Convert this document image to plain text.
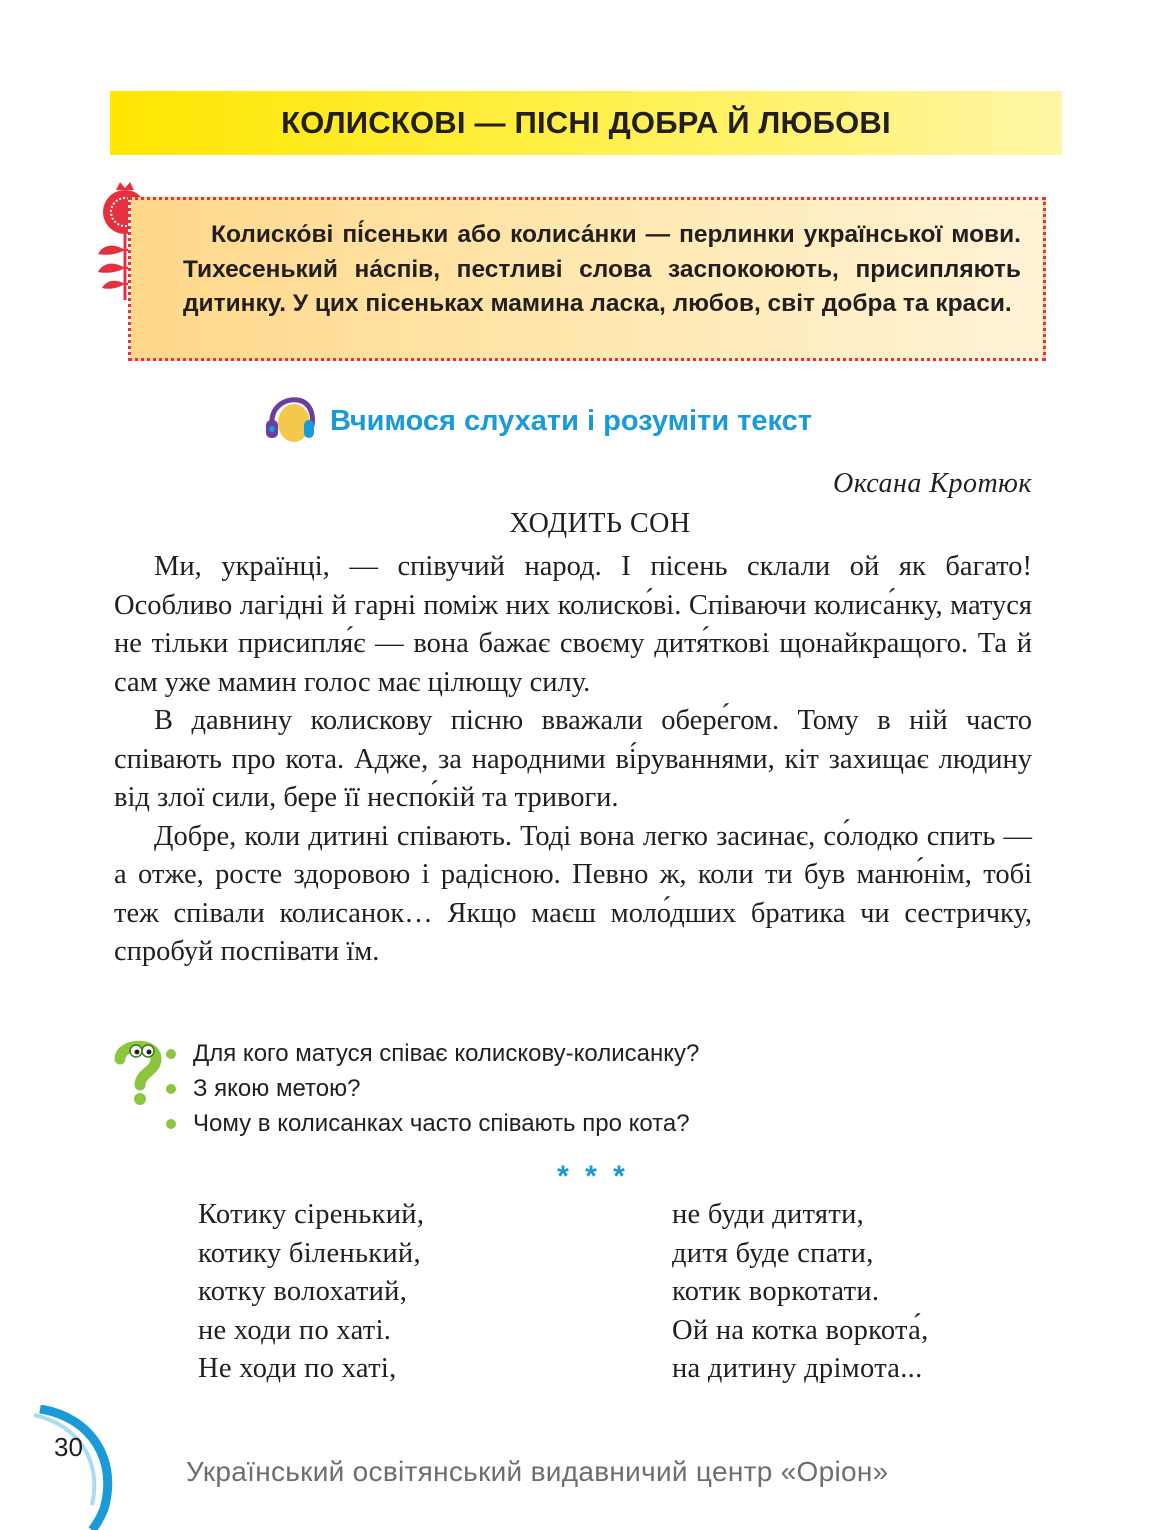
КОЛИСКОВІ — ПІСНІ ДОБРА Й ЛЮБОВІ

Колиско́ві пі́сеньки або колиса́нки — перлинки української мови. Тихесенький на́спів, пестливі слова заспокоюють, присипляють дитинку. У цих пісеньках мамина ласка, любов, світ добра та краси.

Вчимося слухати і розуміти текст
Оксана Кротюк
ХОДИТЬ СОН

Ми, українці, — співучий народ. І пісень склали ой як багато! Особливо лагідні й гарні поміж них колиско́ві. Співаючи колиса́нку, матуся не тільки присипля́є — вона бажає своєму дитя́ткові щонайкращого. Та й сам уже мамин голос має цілющу силу.

В давнину колискову пісню вважали обере́гом. Тому в ній часто співають про кота. Адже, за народними ві́руваннями, кіт захищає людину від злої сили, бере її неспо́кій та тривоги.

Добре, коли дитині співають. Тоді вона легко засинає, со́лодко спить — а отже, росте здоровою і радісною. Певно ж, коли ти був маню́нім, тобі теж співали колисанок… Якщо маєш моло́дших братика чи сестричку, спробуй поспівати їм.

Для кого матуся співає колискову-колисанку?
З якою метою?
Чому в колисанках часто співають про кота?
* * *
Котику сіренький,
котику біленький,
котку волохатий,
не ходи по хаті.
Не ходи по хаті,
не буди дитяти,
дитя буде спати,
котик воркотати.
Ой на котка воркота́,
на дитину дрімота...
30
Український освітянський видавничий центр «Оріон»
